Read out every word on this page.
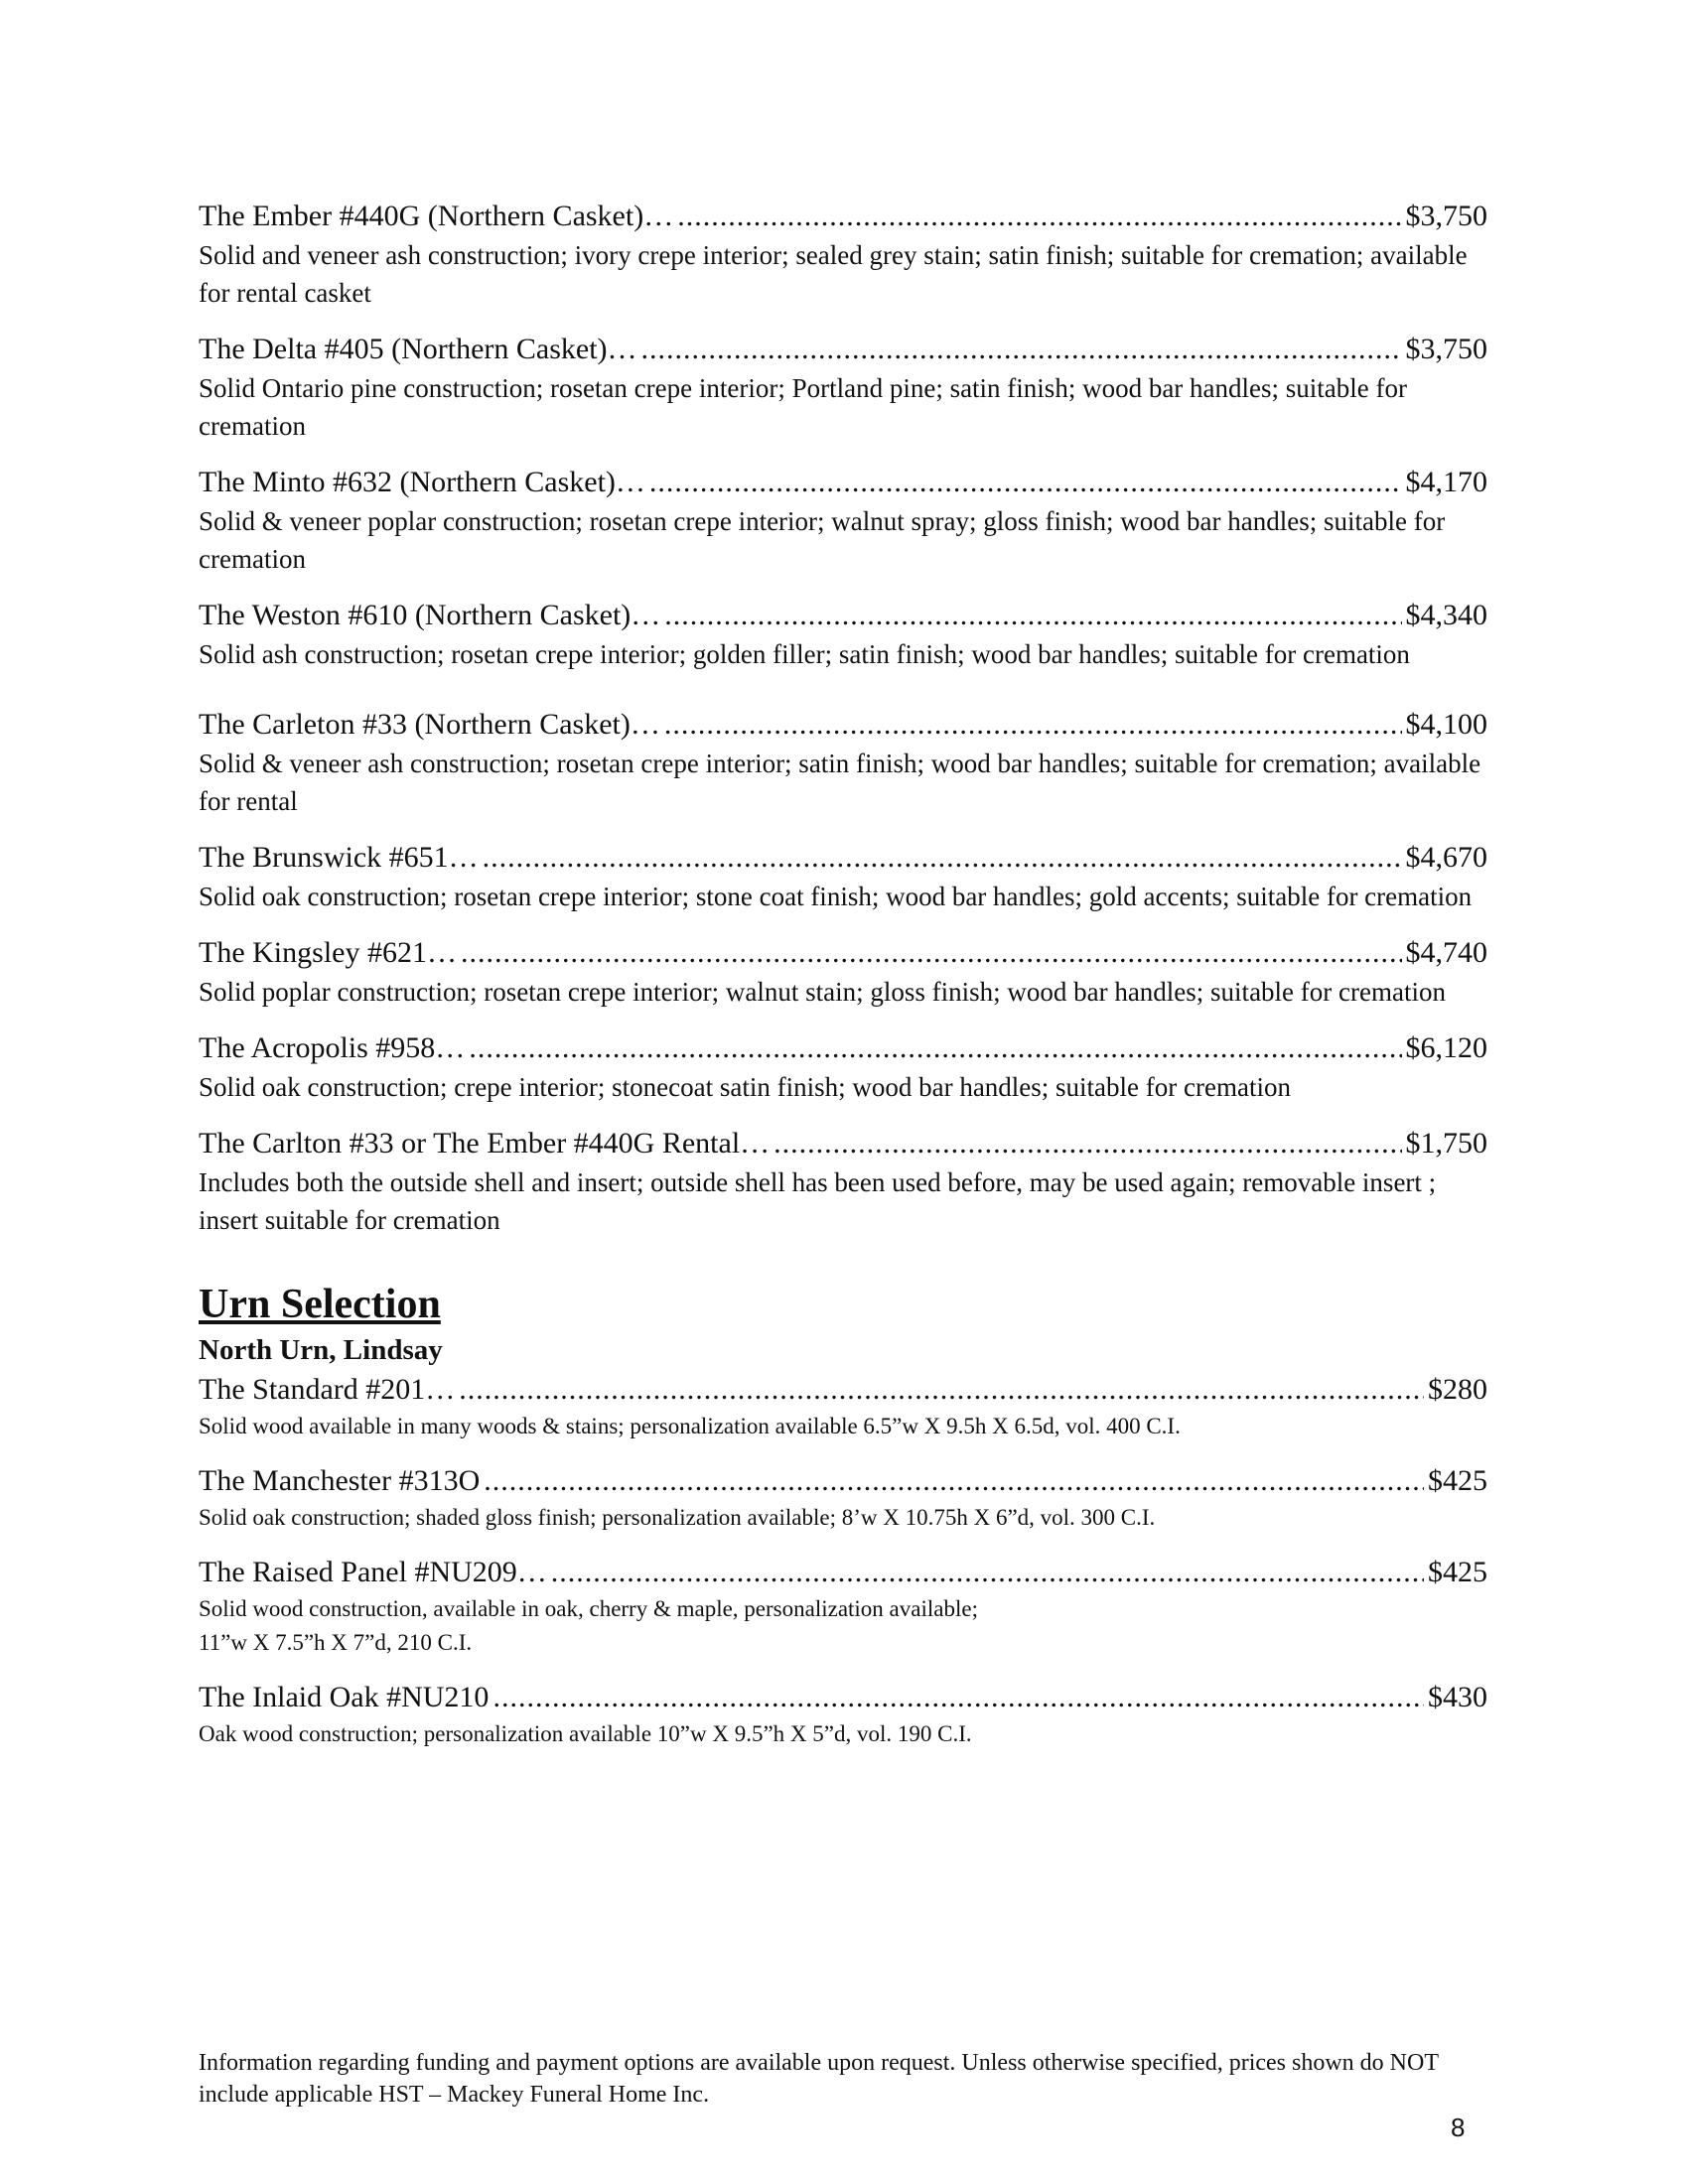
The Ember #440G (Northern Casket)… .....	$3,750
Solid and veneer ash construction; ivory crepe interior; sealed grey stain; satin finish; suitable for cremation; available for rental casket
The Delta #405 (Northern Casket)… .....	$3,750
Solid Ontario pine construction; rosetan crepe interior; Portland pine; satin finish; wood bar handles; suitable for cremation
The Minto #632 (Northern Casket)… .....	$4,170
Solid & veneer poplar construction; rosetan crepe interior; walnut spray; gloss finish; wood bar handles; suitable for cremation
The Weston #610 (Northern Casket)… .....	$4,340
Solid ash construction; rosetan crepe interior; golden filler; satin finish; wood bar handles; suitable for cremation
The Carleton #33 (Northern Casket)… .....	$4,100
Solid & veneer ash construction; rosetan crepe interior; satin finish; wood bar handles; suitable for cremation; available for rental
The Brunswick #651… .....	$4,670
Solid oak construction; rosetan crepe interior; stone coat finish; wood bar handles; gold accents; suitable for cremation
The Kingsley #621… .....	$4,740
Solid poplar construction; rosetan crepe interior; walnut stain; gloss finish; wood bar handles; suitable for cremation
The Acropolis #958… .....	$6,120
Solid oak construction; crepe interior; stonecoat satin finish; wood bar handles; suitable for cremation
The Carlton #33 or The Ember #440G Rental… .....	$1,750
Includes both the outside shell and insert; outside shell has been used before, may be used again; removable insert ; insert suitable for cremation
Urn Selection
North Urn, Lindsay
The Standard #201… .....	$280
Solid wood available in many woods & stains; personalization available 6.5”w X 9.5h X 6.5d, vol. 400 C.I.
The Manchester #313O .....	$425
Solid oak construction; shaded gloss finish; personalization available; 8’w X 10.75h X 6”d, vol. 300 C.I.
The Raised Panel #NU209… .....	$425
Solid wood construction, available in oak, cherry & maple, personalization available;
11”w X 7.5”h X 7”d, 210 C.I.
The Inlaid Oak #NU210 .....	$430
Oak wood construction; personalization available 10”w X 9.5”h X 5”d, vol. 190 C.I.
Information regarding funding and payment options are available upon request. Unless otherwise specified, prices shown do NOT include applicable HST – Mackey Funeral Home Inc.
8
